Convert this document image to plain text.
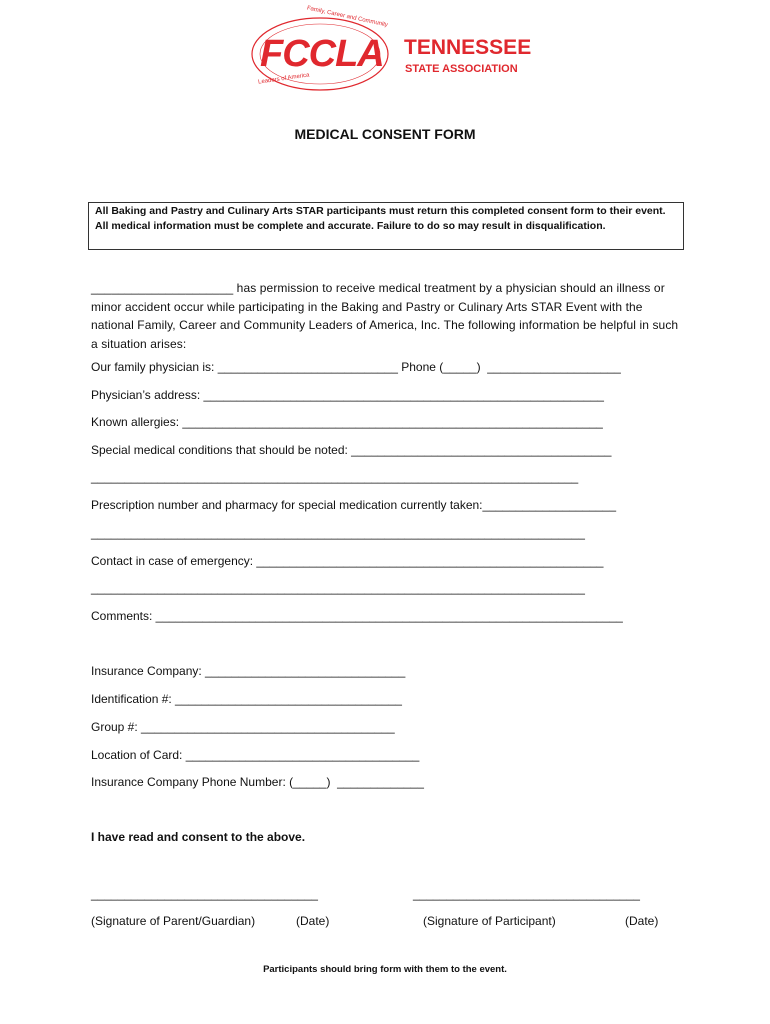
Family, Career and Community
FCCLA
Leaders of America
TENNESSEE
STATE ASSOCIATION
MEDICAL CONSENT FORM
All Baking and Pastry and Culinary Arts STAR participants must return this completed consent form to their event. All medical information must be complete and accurate. Failure to do so may result in disqualification.
_____________________ has permission to receive medical treatment by a physician should an illness or minor accident occur while participating in the Baking and Pastry or Culinary Arts STAR Event with the national Family, Career and Community Leaders of America, Inc. The following information be helpful in such a situation arises:
Our family physician is: ___________________________ Phone (_____)  ____________________
Physician’s address: ____________________________________________________________
Known allergies: _______________________________________________________________
Special medical conditions that should be noted: _______________________________________
_________________________________________________________________________
Prescription number and pharmacy for special medication currently taken:____________________
__________________________________________________________________________
Contact in case of emergency: ____________________________________________________
__________________________________________________________________________
Comments: ______________________________________________________________________
Insurance Company: ______________________________
Identification #: __________________________________
Group #: ______________________________________
Location of Card: ___________________________________
Insurance Company Phone Number: (_____)  _____________
I have read and consent to the above.
__________________________________	__________________________________
(Signature of Parent/Guardian)	(Date)	(Signature of Participant)	(Date)
Participants should bring form with them to the event.
